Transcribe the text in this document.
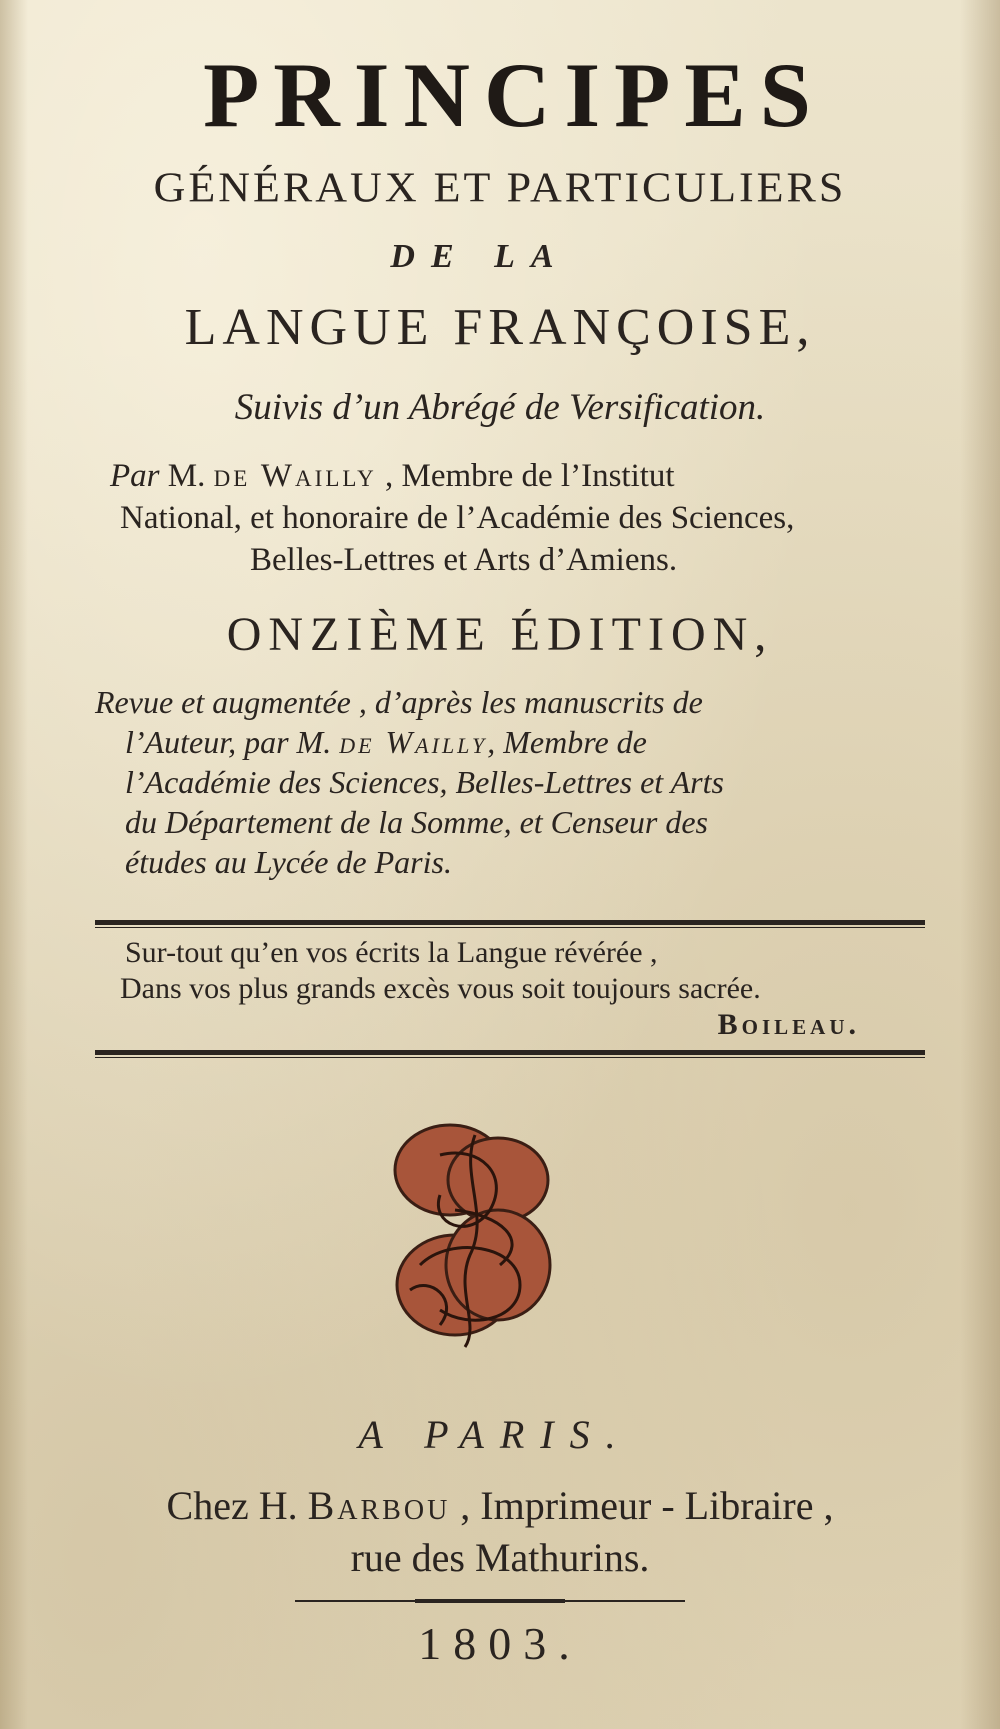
PRINCIPES
GÉNÉRAUX ET PARTICULIERS
DE LA
LANGUE FRANÇOISE,
Suivis d’un Abrégé de Versification.
Par M. de Wailly , Membre de l’Institut
National, et honoraire de l’Académie des Sciences,
Belles-Lettres et Arts d’Amiens.
ONZIÈME ÉDITION,
Revue et augmentée , d’après les manuscrits de
l’Auteur, par M. de Wailly, Membre de
l’Académie des Sciences, Belles-Lettres et Arts
du Département de la Somme, et Censeur des
études au Lycée de Paris.
Sur-tout qu’en vos écrits la Langue révérée ,
Dans vos plus grands excès vous soit toujours sacrée.
Boileau.
A PARIS.
Chez H. Barbou , Imprimeur - Libraire ,
rue des Mathurins.
1803.
